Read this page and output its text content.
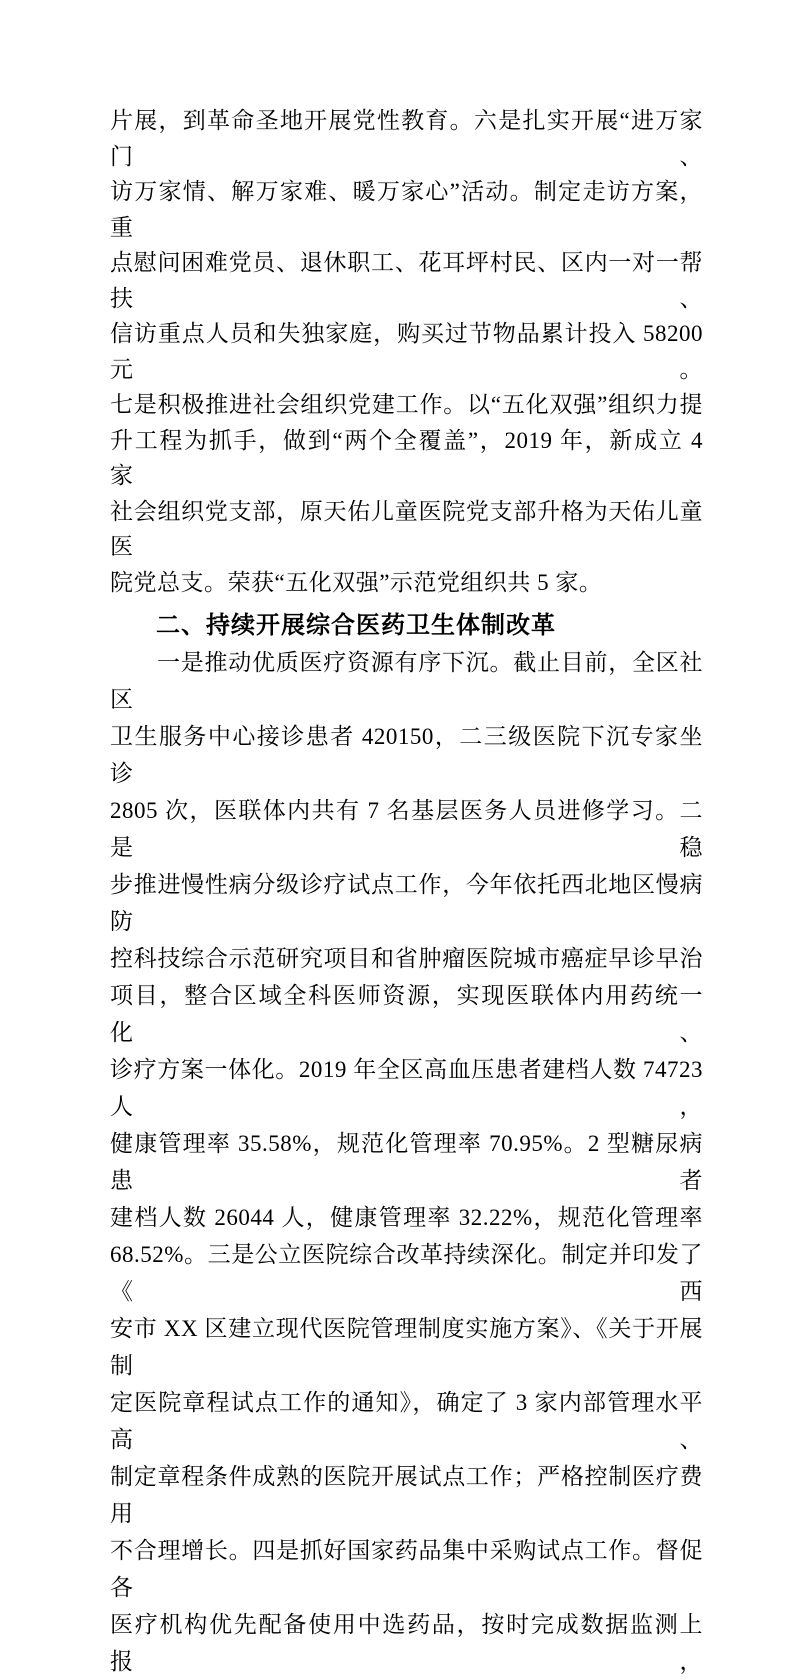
片展，到革命圣地开展党性教育。六是扎实开展“进万家门、
访万家情、解万家难、暖万家心”活动。制定走访方案，重
点慰问困难党员、退休职工、花耳坪村民、区内一对一帮扶、
信访重点人员和失独家庭，购买过节物品累计投入 58200 元。
七是积极推进社会组织党建工作。以“五化双强”组织力提
升工程为抓手，做到“两个全覆盖”，2019 年，新成立 4 家
社会组织党支部，原天佑儿童医院党支部升格为天佑儿童医
院党总支。荣获“五化双强”示范党组织共 5 家。
二、持续开展综合医药卫生体制改革
一是推动优质医疗资源有序下沉。截止目前，全区社区
卫生服务中心接诊患者 420150，二三级医院下沉专家坐诊
2805 次，医联体内共有 7 名基层医务人员进修学习。二是稳
步推进慢性病分级诊疗试点工作，今年依托西北地区慢病防
控科技综合示范研究项目和省肿瘤医院城市癌症早诊早治
项目，整合区域全科医师资源，实现医联体内用药统一化、
诊疗方案一体化。2019 年全区高血压患者建档人数 74723 人，
健康管理率 35.58%，规范化管理率 70.95%。2 型糖尿病患者
建档人数 26044 人，健康管理率 32.22%，规范化管理率
68.52%。三是公立医院综合改革持续深化。制定并印发了《西
安市 XX 区建立现代医院管理制度实施方案》、《关于开展制
定医院章程试点工作的通知》，确定了 3 家内部管理水平高、
制定章程条件成熟的医院开展试点工作；严格控制医疗费用
不合理增长。四是抓好国家药品集中采购试点工作。督促各
医疗机构优先配备使用中选药品，按时完成数据监测上报，
